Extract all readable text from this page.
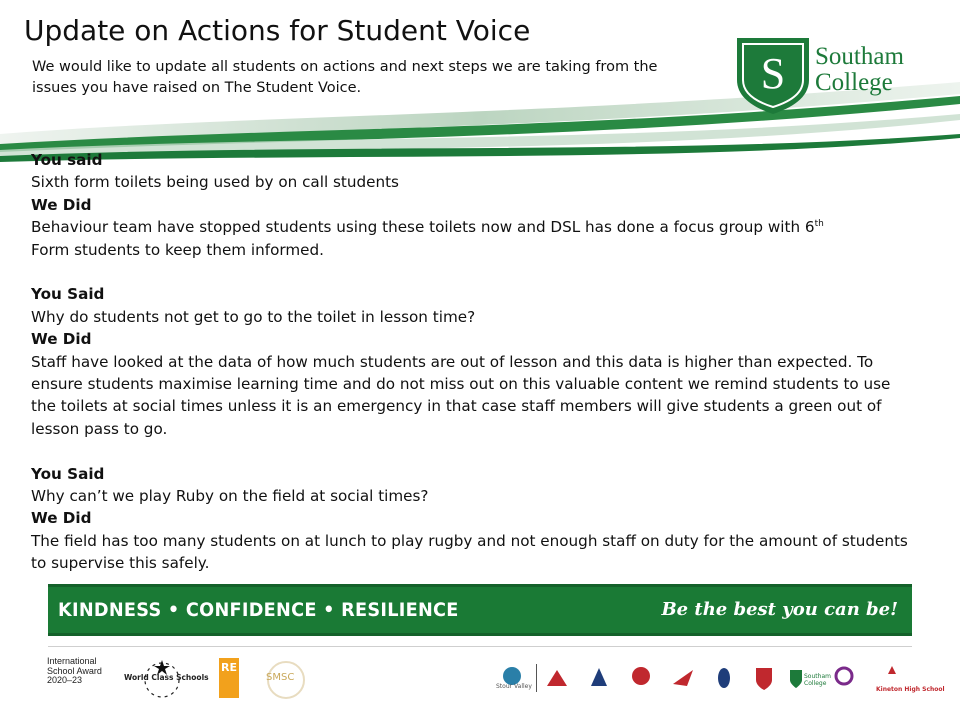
Update on Actions for Student Voice
We would like to update all students on actions and next steps we are taking from the issues you have raised on The Student Voice.	S Southam
College
You said
Sixth form toilets being used by on call students
We Did
Behaviour team have stopped students using these toilets now and DSL has done a focus group with 6th
Form students to keep them informed.
You Said
Why do students not get to go to the toilet in lesson time?
We Did
Staff have looked at the data of how much students are out of lesson and this data is higher than expected. To ensure students maximise learning time and do not miss out on this valuable content we remind students to use the toilets at social times unless it is an emergency in that case staff members will give students a green out of lesson pass to go.
You Said
Why can’t we play Ruby on the field at social times?
We Did
The field has too many students on at lunch to play rugby and not enough staff on duty for the amount of students to supervise this safely.
KINDNESS • CONFIDENCE • RESILIENCE	Be the best you can be!
International
School Award
2020–23	World Class Schools
RE
SMSC
Stour Valley
Southam College
Kineton High School
